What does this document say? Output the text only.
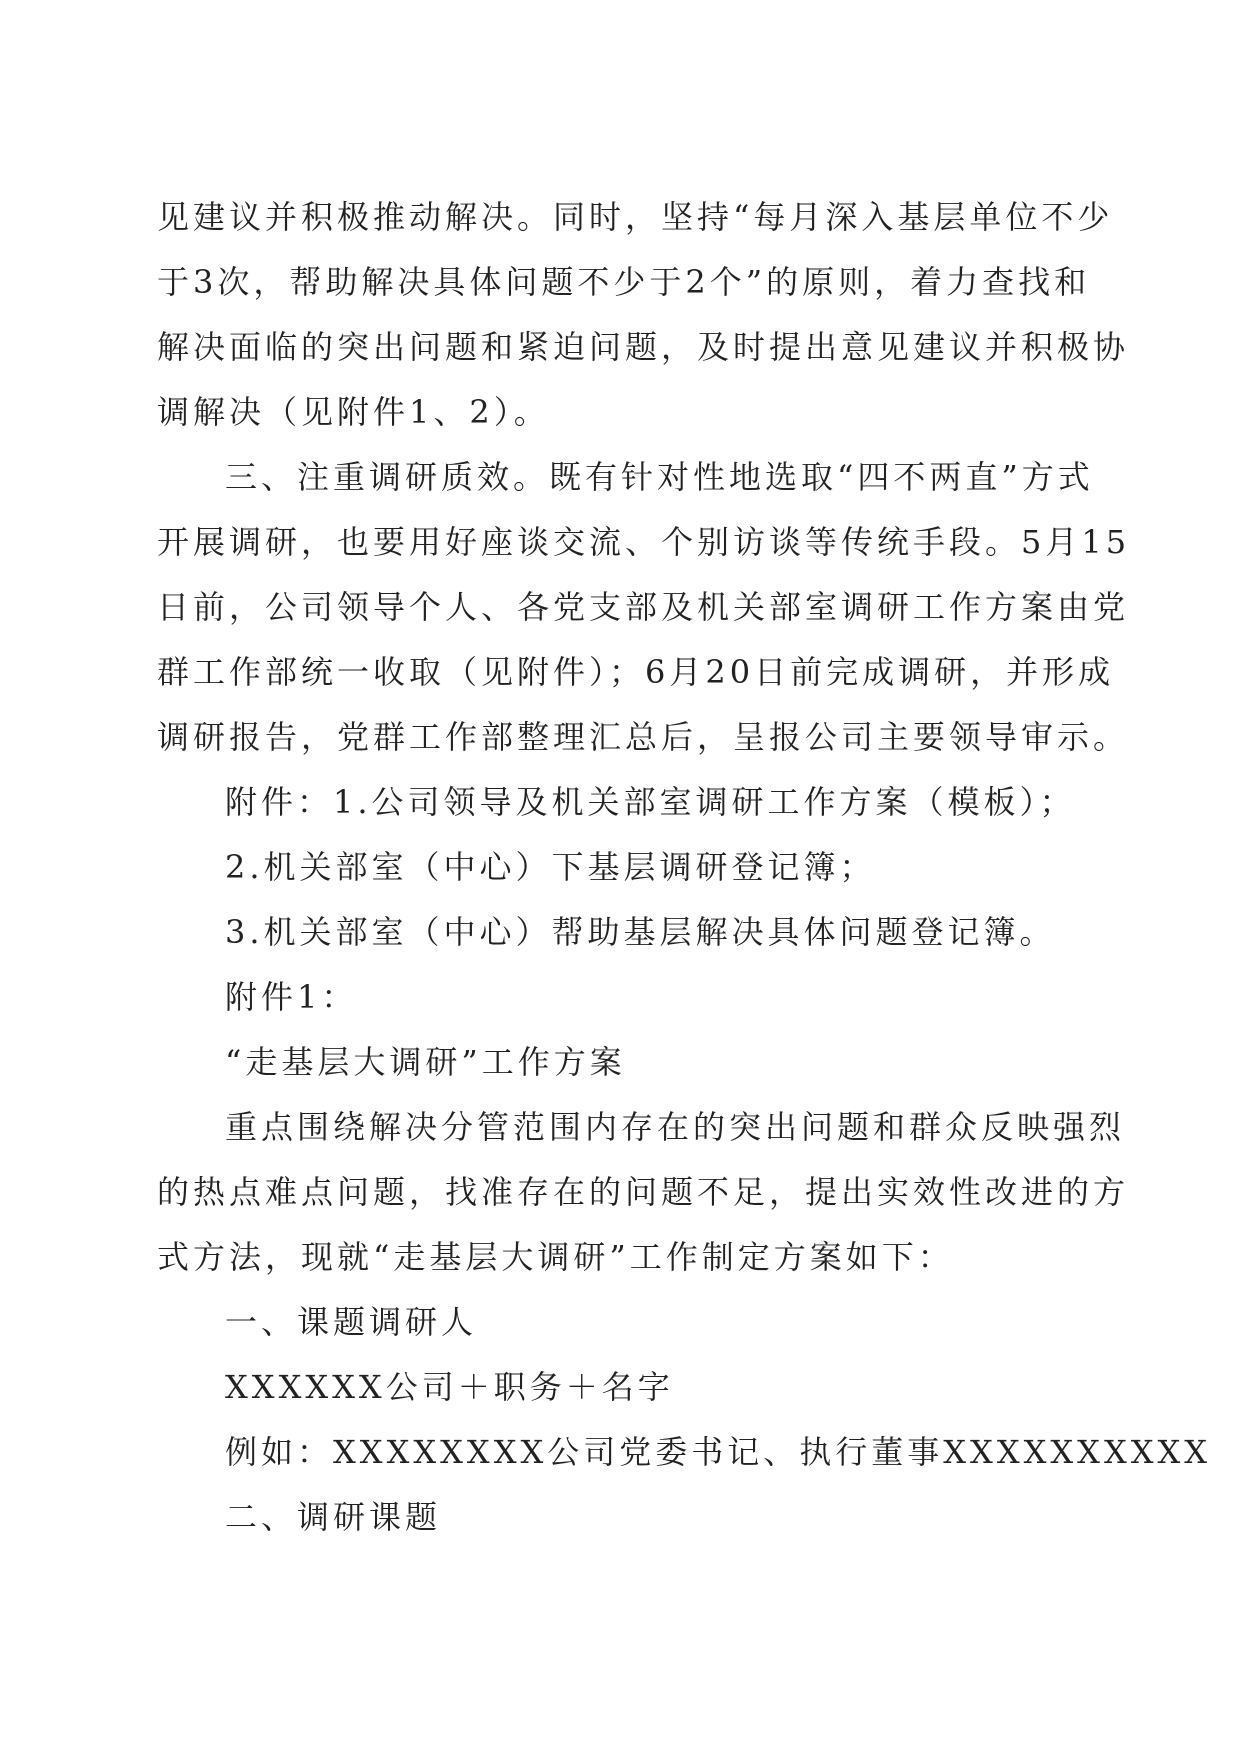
见建议并积极推动解决。同时，坚持“每月深入基层单位不少
于3次，帮助解决具体问题不少于2个”的原则，着力查找和
解决面临的突出问题和紧迫问题，及时提出意见建议并积极协
调解决（见附件1、2）。
三、注重调研质效。既有针对性地选取“四不两直”方式
开展调研，也要用好座谈交流、个别访谈等传统手段。5月15
日前，公司领导个人、各党支部及机关部室调研工作方案由党
群工作部统一收取（见附件）；6月20日前完成调研，并形成
调研报告，党群工作部整理汇总后，呈报公司主要领导审示。
附件：1.公司领导及机关部室调研工作方案（模板）；
2.机关部室（中心）下基层调研登记簿；
3.机关部室（中心）帮助基层解决具体问题登记簿。
附件1：
“走基层大调研”工作方案
重点围绕解决分管范围内存在的突出问题和群众反映强烈
的热点难点问题，找准存在的问题不足，提出实效性改进的方
式方法，现就“走基层大调研”工作制定方案如下：
一、课题调研人
XXXXXX公司＋职务＋名字
例如：XXXXXXXX公司党委书记、执行董事XXXXXXXXXX
二、调研课题
